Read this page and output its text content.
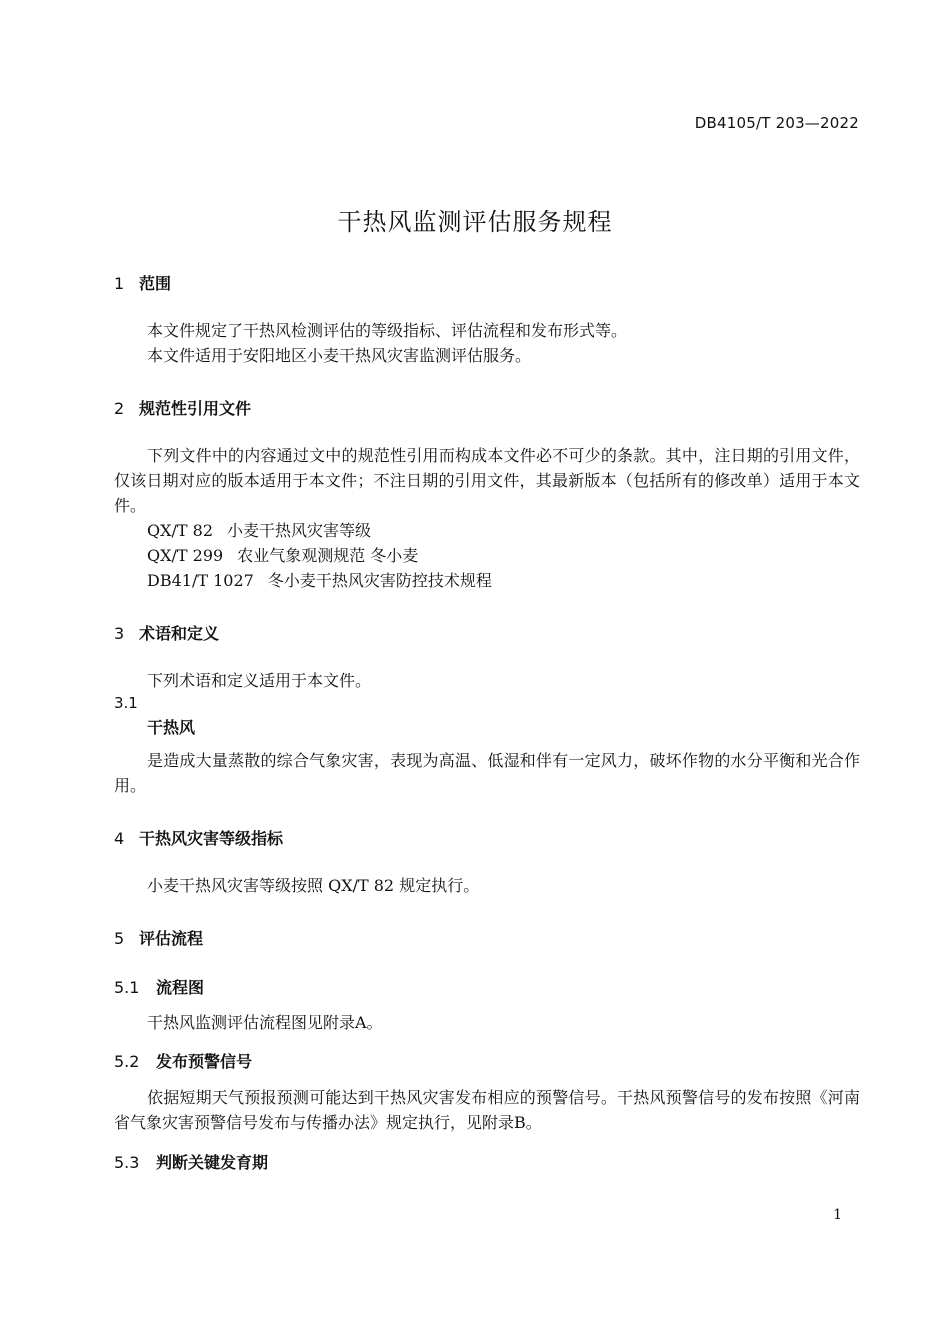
DB4105/T 203—2022
干热风监测评估服务规程
1 范围
本文件规定了干热风检测评估的等级指标、评估流程和发布形式等。
本文件适用于安阳地区小麦干热风灾害监测评估服务。
2 规范性引用文件
下列文件中的内容通过文中的规范性引用而构成本文件必不可少的条款。其中，注日期的引用文件，仅该日期对应的版本适用于本文件；不注日期的引用文件，其最新版本（包括所有的修改单）适用于本文件。
QX/T 82 小麦干热风灾害等级
QX/T 299 农业气象观测规范 冬小麦
DB41/T 1027 冬小麦干热风灾害防控技术规程
3 术语和定义
下列术语和定义适用于本文件。
3.1
干热风
是造成大量蒸散的综合气象灾害，表现为高温、低湿和伴有一定风力，破坏作物的水分平衡和光合作用。
4 干热风灾害等级指标
小麦干热风灾害等级按照 QX/T 82 规定执行。
5 评估流程
5.1 流程图
干热风监测评估流程图见附录A。
5.2 发布预警信号
依据短期天气预报预测可能达到干热风灾害发布相应的预警信号。干热风预警信号的发布按照《河南省气象灾害预警信号发布与传播办法》规定执行，见附录B。
5.3 判断关键发育期
1
